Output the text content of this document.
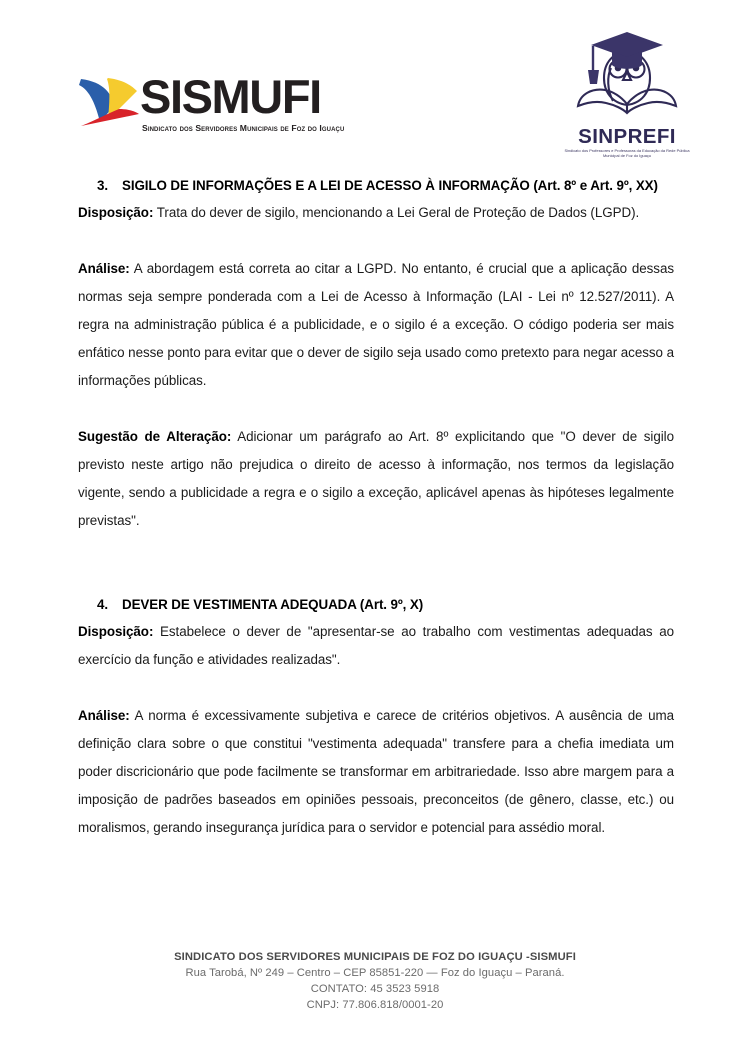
SISMUFI
Sindicato dos Servidores Municipais de Foz do Iguaçu	SINPREFI
Sindicato dos Professores e Professoras da Educação da Rede Pública Municipal de Foz do Iguaçu
3.	SIGILO DE INFORMAÇÕES E A LEI DE ACESSO À INFORMAÇÃO (Art. 8º e Art. 9º, XX)

Disposição: Trata do dever de sigilo, mencionando a Lei Geral de Proteção de Dados (LGPD).

Análise: A abordagem está correta ao citar a LGPD. No entanto, é crucial que a aplicação dessas normas seja sempre ponderada com a Lei de Acesso à Informação (LAI - Lei nº 12.527/2011). A regra na administração pública é a publicidade, e o sigilo é a exceção. O código poderia ser mais enfático nesse ponto para evitar que o dever de sigilo seja usado como pretexto para negar acesso a informações públicas.

Sugestão de Alteração: Adicionar um parágrafo ao Art. 8º explicitando que "O dever de sigilo previsto neste artigo não prejudica o direito de acesso à informação, nos termos da legislação vigente, sendo a publicidade a regra e o sigilo a exceção, aplicável apenas às hipóteses legalmente previstas".

4.	DEVER DE VESTIMENTA ADEQUADA (Art. 9º, X)

Disposição: Estabelece o dever de "apresentar-se ao trabalho com vestimentas adequadas ao exercício da função e atividades realizadas".

Análise: A norma é excessivamente subjetiva e carece de critérios objetivos. A ausência de uma definição clara sobre o que constitui "vestimenta adequada" transfere para a chefia imediata um poder discricionário que pode facilmente se transformar em arbitrariedade. Isso abre margem para a imposição de padrões baseados em opiniões pessoais, preconceitos (de gênero, classe, etc.) ou moralismos, gerando insegurança jurídica para o servidor e potencial para assédio moral.

SINDICATO DOS SERVIDORES MUNICIPAIS DE FOZ DO IGUAÇU -SISMUFI
Rua Tarobá, Nº 249 – Centro – CEP 85851-220 — Foz do Iguaçu – Paraná.
CONTATO: 45 3523 5918
CNPJ: 77.806.818/0001-20
